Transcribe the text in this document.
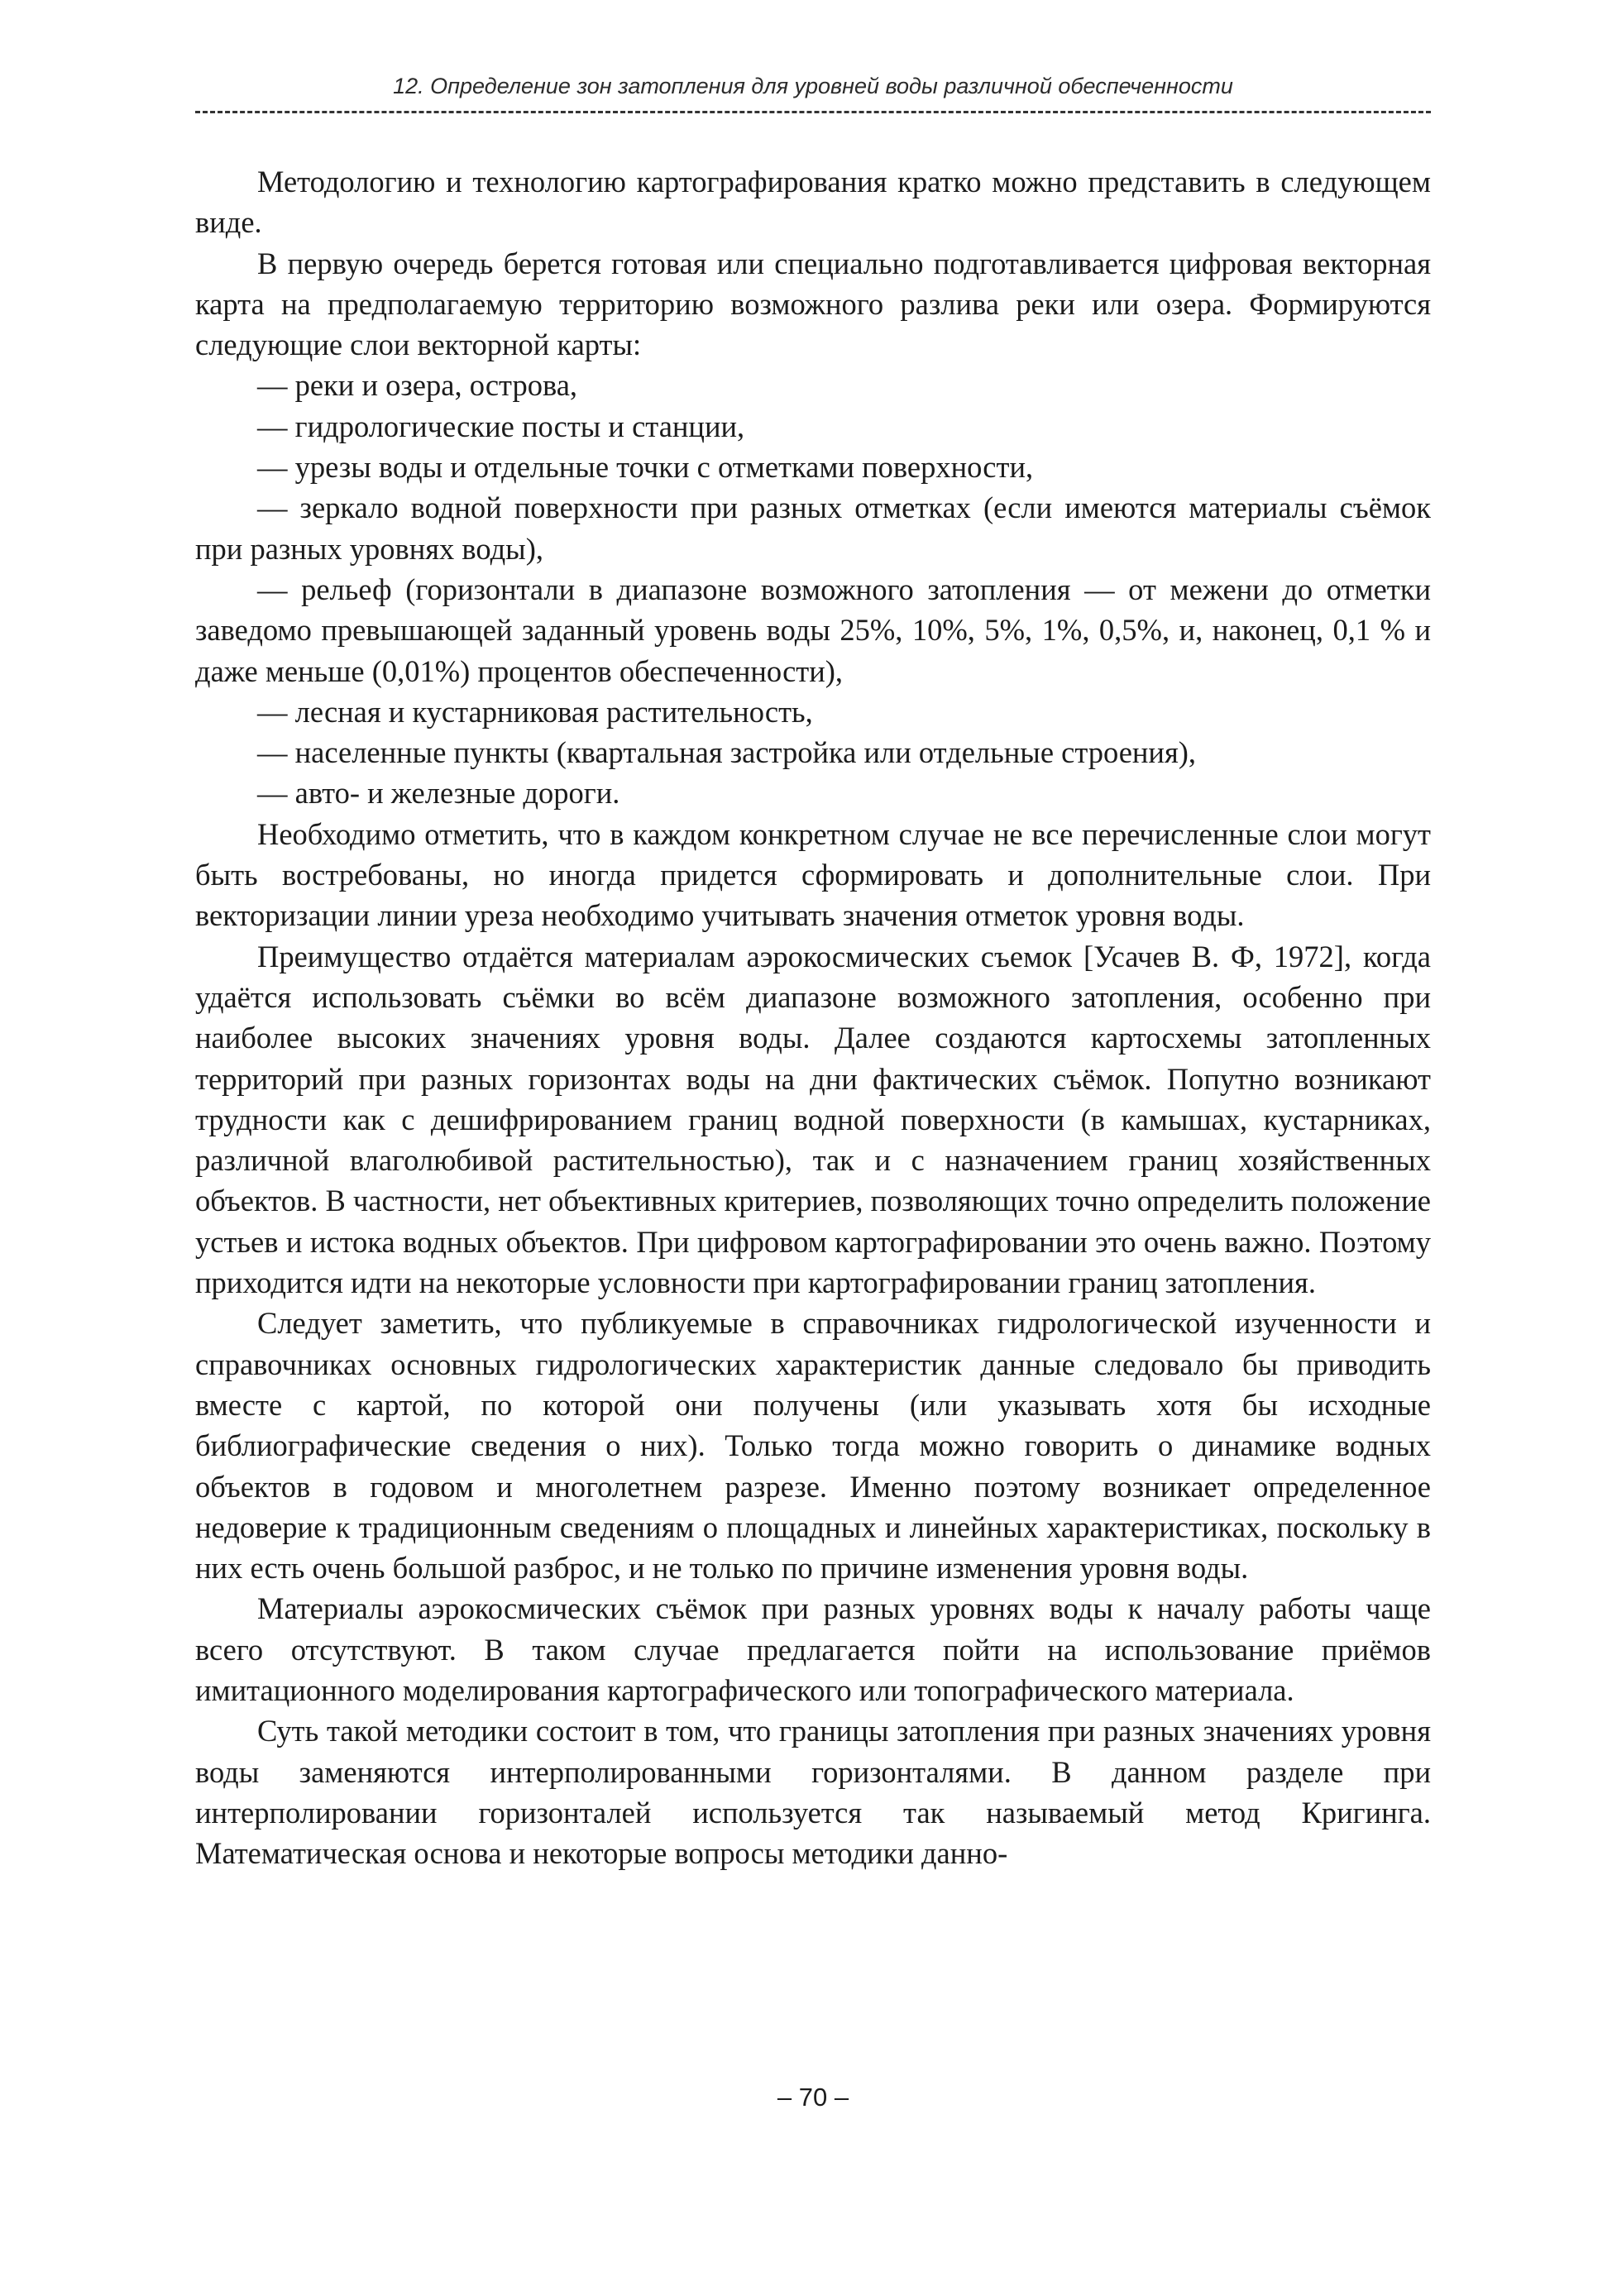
12. Определение зон затопления для уровней воды различной обеспеченности

Методологию и технологию картографирования кратко можно представить в следующем виде.

В первую очередь берется готовая или специально подготавливается цифровая векторная карта на предполагаемую территорию возможного разлива реки или озера. Формируются следующие слои векторной карты:

— реки и озера, острова,

— гидрологические посты и станции,

— урезы воды и отдельные точки с отметками поверхности,

— зеркало водной поверхности при разных отметках (если имеются материалы съёмок при разных уровнях воды),

— рельеф (горизонтали в диапазоне возможного затопления — от межени до отметки заведомо превышающей заданный уровень воды 25%, 10%, 5%, 1%, 0,5%, и, наконец, 0,1 % и даже меньше (0,01%) процентов обеспеченности),

— лесная и кустарниковая растительность,

— населенные пункты (квартальная застройка или отдельные строения),

— авто- и железные дороги.

Необходимо отметить, что в каждом конкретном случае не все перечисленные слои могут быть востребованы, но иногда придется сформировать и дополнительные слои. При векторизации линии уреза необходимо учитывать значения отметок уровня воды.

Преимущество отдаётся материалам аэрокосмических съемок [Усачев В. Ф, 1972], когда удаётся использовать съёмки во всём диапазоне возможного затопления, особенно при наиболее высоких значениях уровня воды. Далее создаются картосхемы затопленных территорий при разных горизонтах воды на дни фактических съёмок. Попутно возникают трудности как с дешифрированием границ водной поверхности (в камышах, кустарниках, различной влаголюбивой растительностью), так и с назначением границ хозяйственных объектов. В частности, нет объективных критериев, позволяющих точно определить положение устьев и истока водных объектов. При цифровом картографировании это очень важно. Поэтому приходится идти на некоторые условности при картографировании границ затопления.

Следует заметить, что публикуемые в справочниках гидрологической изученности и справочниках основных гидрологических характеристик данные следовало бы приводить вместе с картой, по которой они получены (или указывать хотя бы исходные библиографические сведения о них). Только тогда можно говорить о динамике водных объектов в годовом и многолетнем разрезе. Именно поэтому возникает определенное недоверие к традиционным сведениям о площадных и линейных характеристиках, поскольку в них есть очень большой разброс, и не только по причине изменения уровня воды.

Материалы аэрокосмических съёмок при разных уровнях воды к началу работы чаще всего отсутствуют. В таком случае предлагается пойти на использование приёмов имитационного моделирования картографического или топографического материала.

Суть такой методики состоит в том, что границы затопления при разных значениях уровня воды заменяются интерполированными горизонталями. В данном разделе при интерполировании горизонталей используется так называемый метод Кригинга. Математическая основа и некоторые вопросы методики данно-

– 70 –
